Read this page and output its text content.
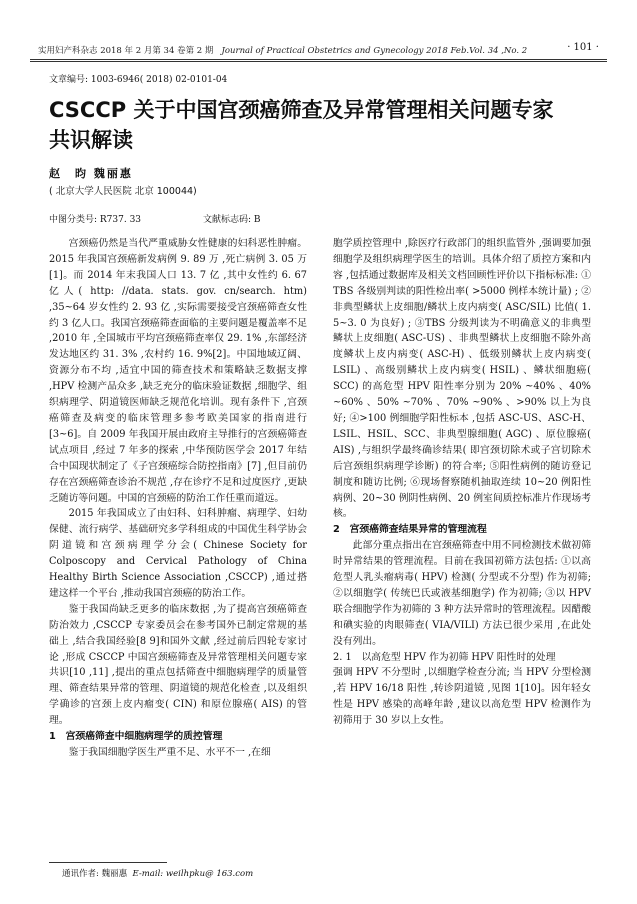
实用妇产科杂志 2018 年 2 月第 34 卷第 2 期 Journal of Practical Obstetrics and Gynecology 2018 Feb.Vol. 34 ,No. 2	· 101 ·
文章编号: 1003-6946( 2018) 02-0101-04
CSCCP 关于中国宫颈癌筛查及异常管理相关问题专家共识解读
赵　昀 魏丽惠
( 北京大学人民医院 北京 100044)
中图分类号: R737. 33	文献标志码: B

宫颈癌仍然是当代严重威胁女性健康的妇科恶性肿瘤。2015 年我国宫颈癌新发病例 9. 89 万 ,死亡病例 3. 05 万[1]。而 2014 年末我国人口 13. 7 亿 ,其中女性约 6. 67 亿人( http: //data. stats. gov. cn/search. htm) ,35~64 岁女性约 2. 93 亿 ,实际需要接受宫颈癌筛查女性约 3 亿人口。我国宫颈癌筛查面临的主要问题是覆盖率不足 ,2010 年 ,全国城市平均宫颈癌筛查率仅 29. 1% ,东部经济发达地区约 31. 3% ,农村约 16. 9%[2]。中国地域辽阔、资源分布不均 ,适宜中国的筛查技术和策略缺乏数据支撑 ,HPV 检测产品众多 ,缺乏充分的临床验证数据 ,细胞学、组织病理学、阴道镜医师缺乏规范化培训。现有条件下 ,宫颈癌筛查及病变的临床管理多参考欧美国家的指南进行[3~6]。自 2009 年我国开展由政府主导推行的宫颈癌筛查试点项目 ,经过 7 年多的探索 ,中华预防医学会 2017 年结合中国现状制定了《子宫颈癌综合防控指南》[7] ,但目前仍存在宫颈癌筛查诊治不规范 ,存在诊疗不足和过度医疗 ,更缺乏随访等问题。中国的宫颈癌的防治工作任重而道远。

2015 年我国成立了由妇科、妇科肿瘤、病理学、妇幼保健、流行病学、基础研究多学科组成的中国优生科学协会阴道镜和宫颈病理学分会( Chinese Society for Colposcopy and Cervical Pathology of China Healthy Birth Science Association ,CSCCP) ,通过搭建这样一个平台 ,推动我国宫颈癌的防治工作。

鉴于我国尚缺乏更多的临床数据 ,为了提高宫颈癌筛查防治效力 ,CSCCP 专家委员会在参考国外已制定常规的基础上 ,结合我国经验[8 9]和国外文献 ,经过前后四轮专家讨论 ,形成 CSCCP 中国宫颈癌筛查及异常管理相关问题专家共识[10 ,11] ,提出的重点包括筛查中细胞病理学的质量管理、筛查结果异常的管理、阴道镜的规范化检查 ,以及组织学确诊的宫颈上皮内瘤变( CIN) 和原位腺癌( AIS) 的管理。

1　宫颈癌筛查中细胞病理学的质控管理

鉴于我国细胞学医生严重不足、水平不一 ,在细

胞学质控管理中 ,除医疗行政部门的组织监管外 ,强调要加强细胞学及组织病理学医生的培训。具体介绍了质控方案和内容 ,包括通过数据库及相关文档回顾性评价以下指标标准: ① TBS 各级别判读的阳性检出率( >5000 例样本统计量) ; ②非典型鳞状上皮细胞/鳞状上皮内病变( ASC/SIL) 比值( 1. 5~3. 0 为良好) ; ③TBS 分级判读为不明确意义的非典型鳞状上皮细胞( ASC-US) 、非典型鳞状上皮细胞不除外高度鳞状上皮内病变( ASC-H) 、低级别鳞状上皮内病变( LSIL) 、高级别鳞状上皮内病变( HSIL) 、鳞状细胞癌( SCC) 的高危型 HPV 阳性率分别为 20% ~40% 、40% ~60% 、50% ~70% 、70% ~90% 、>90% 以上为良好; ④>100 例细胞学阳性标本 ,包括 ASC-US、ASC-H、LSIL、HSIL、SCC、非典型腺细胞( AGC) 、原位腺癌( AIS) ,与组织学最终确诊结果( 即宫颈切除术或子宫切除术后宫颈组织病理学诊断) 的符合率; ⑤阳性病例的随访登记制度和随访比例; ⑥现场督察随机抽取连续 10~20 例阳性病例、20~30 例阴性病例、20 例室间质控标准片作现场考核。

2　宫颈癌筛查结果异常的管理流程

此部分重点指出在宫颈癌筛查中用不同检测技术做初筛时异常结果的管理流程。目前在我国初筛方法包括: ①以高危型人乳头瘤病毒( HPV) 检测( 分型或不分型) 作为初筛; ②以细胞学( 传统巴氏或液基细胞学) 作为初筛; ③以 HPV 联合细胞学作为初筛的 3 种方法异常时的管理流程。因醋酸和碘实验的肉眼筛查( VIA/VILI) 方法已很少采用 ,在此处没有列出。

2. 1　以高危型 HPV 作为初筛 HPV 阳性时的处理

强调 HPV 不分型时 ,以细胞学检查分流; 当 HPV 分型检测 ,若 HPV 16/18 阳性 ,转诊阴道镜 ,见图 1[10]。因年轻女性是 HPV 感染的高峰年龄 ,建议以高危型 HPV 检测作为初筛用于 30 岁以上女性。

通讯作者: 魏丽惠 E-mail: weilhpku@ 163.com
